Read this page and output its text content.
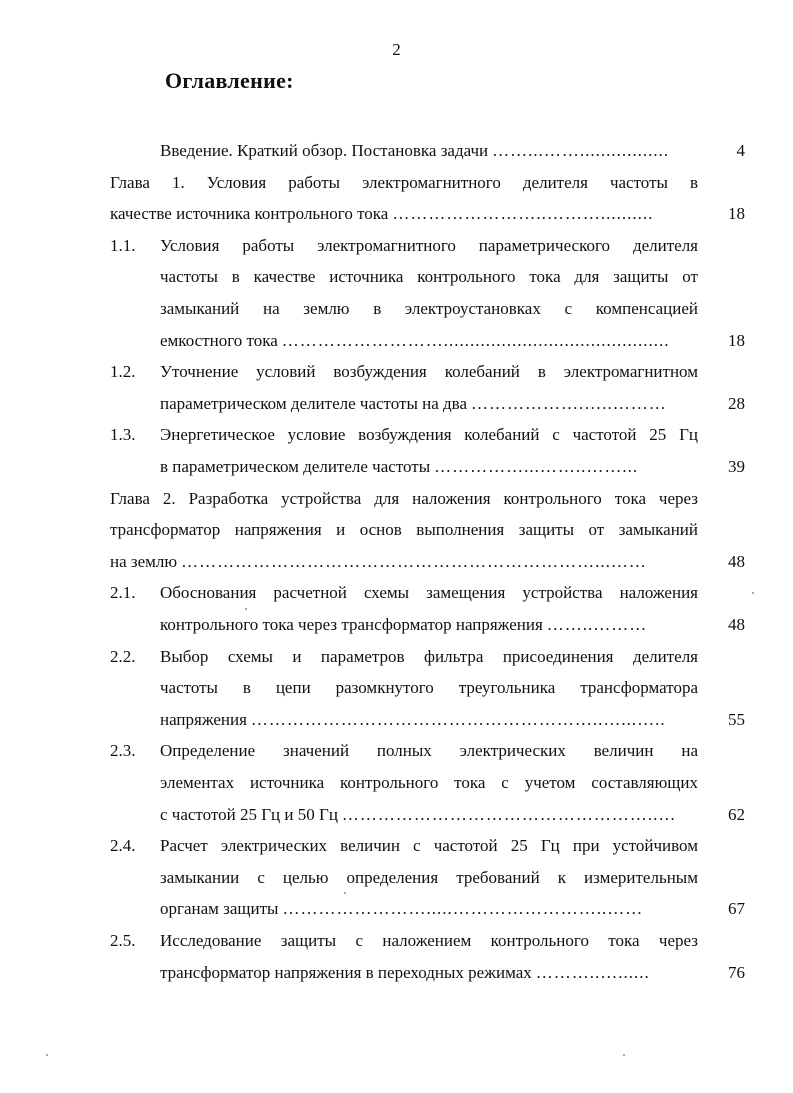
2
Оглавление:
Введение. Краткий обзор. Постановка задачи ……...…….................	4
Глава 1. Условия работы электромагнитного делителя частоты в
качестве источника контрольного тока ……………………..………..........	18
1.1. Условия работы электромагнитного параметрического делителя
частоты в качестве источника контрольного тока для защиты от
замыканий на землю в электроустановках с компенсацией
емкостного тока ………………………...........................................	18
1.2. Уточнение условий возбуждения колебаний в электромагнитном
параметрическом делителе частоты на два ……………….…..………	28
1.3. Энергетическое условие возбуждения колебаний с частотой 25 Гц
в параметрическом делителе частоты ……………...……..……...	39
Глава 2. Разработка устройства для наложения контрольного тока через
трансформатор напряжения и основ выполнения защиты от замыканий
на землю ……………………………………………………………...……	48
2.1. Обоснования расчетной схемы замещения устройства наложения
контрольного тока через трансформатор напряжения ……..………	48
2.2. Выбор схемы и параметров фильтра присоединения делителя
частоты в цепи разомкнутого треугольника трансформатора
напряжения …………………………………………………..…...…..	55
2.3. Определение значений полных электрических величин на
элементах источника контрольного тока с учетом составляющих
с частотой 25 Гц и 50 Гц ……………………………………………..…	62
2.4. Расчет электрических величин с частотой 25 Гц при устойчивом
замыкании с целью определения требований к измерительным
органам защиты …………………….....……………………..……	67
2.5. Исследование защиты с наложением контрольного тока через
трансформатор напряжения в переходных режимах ………..…......	76
